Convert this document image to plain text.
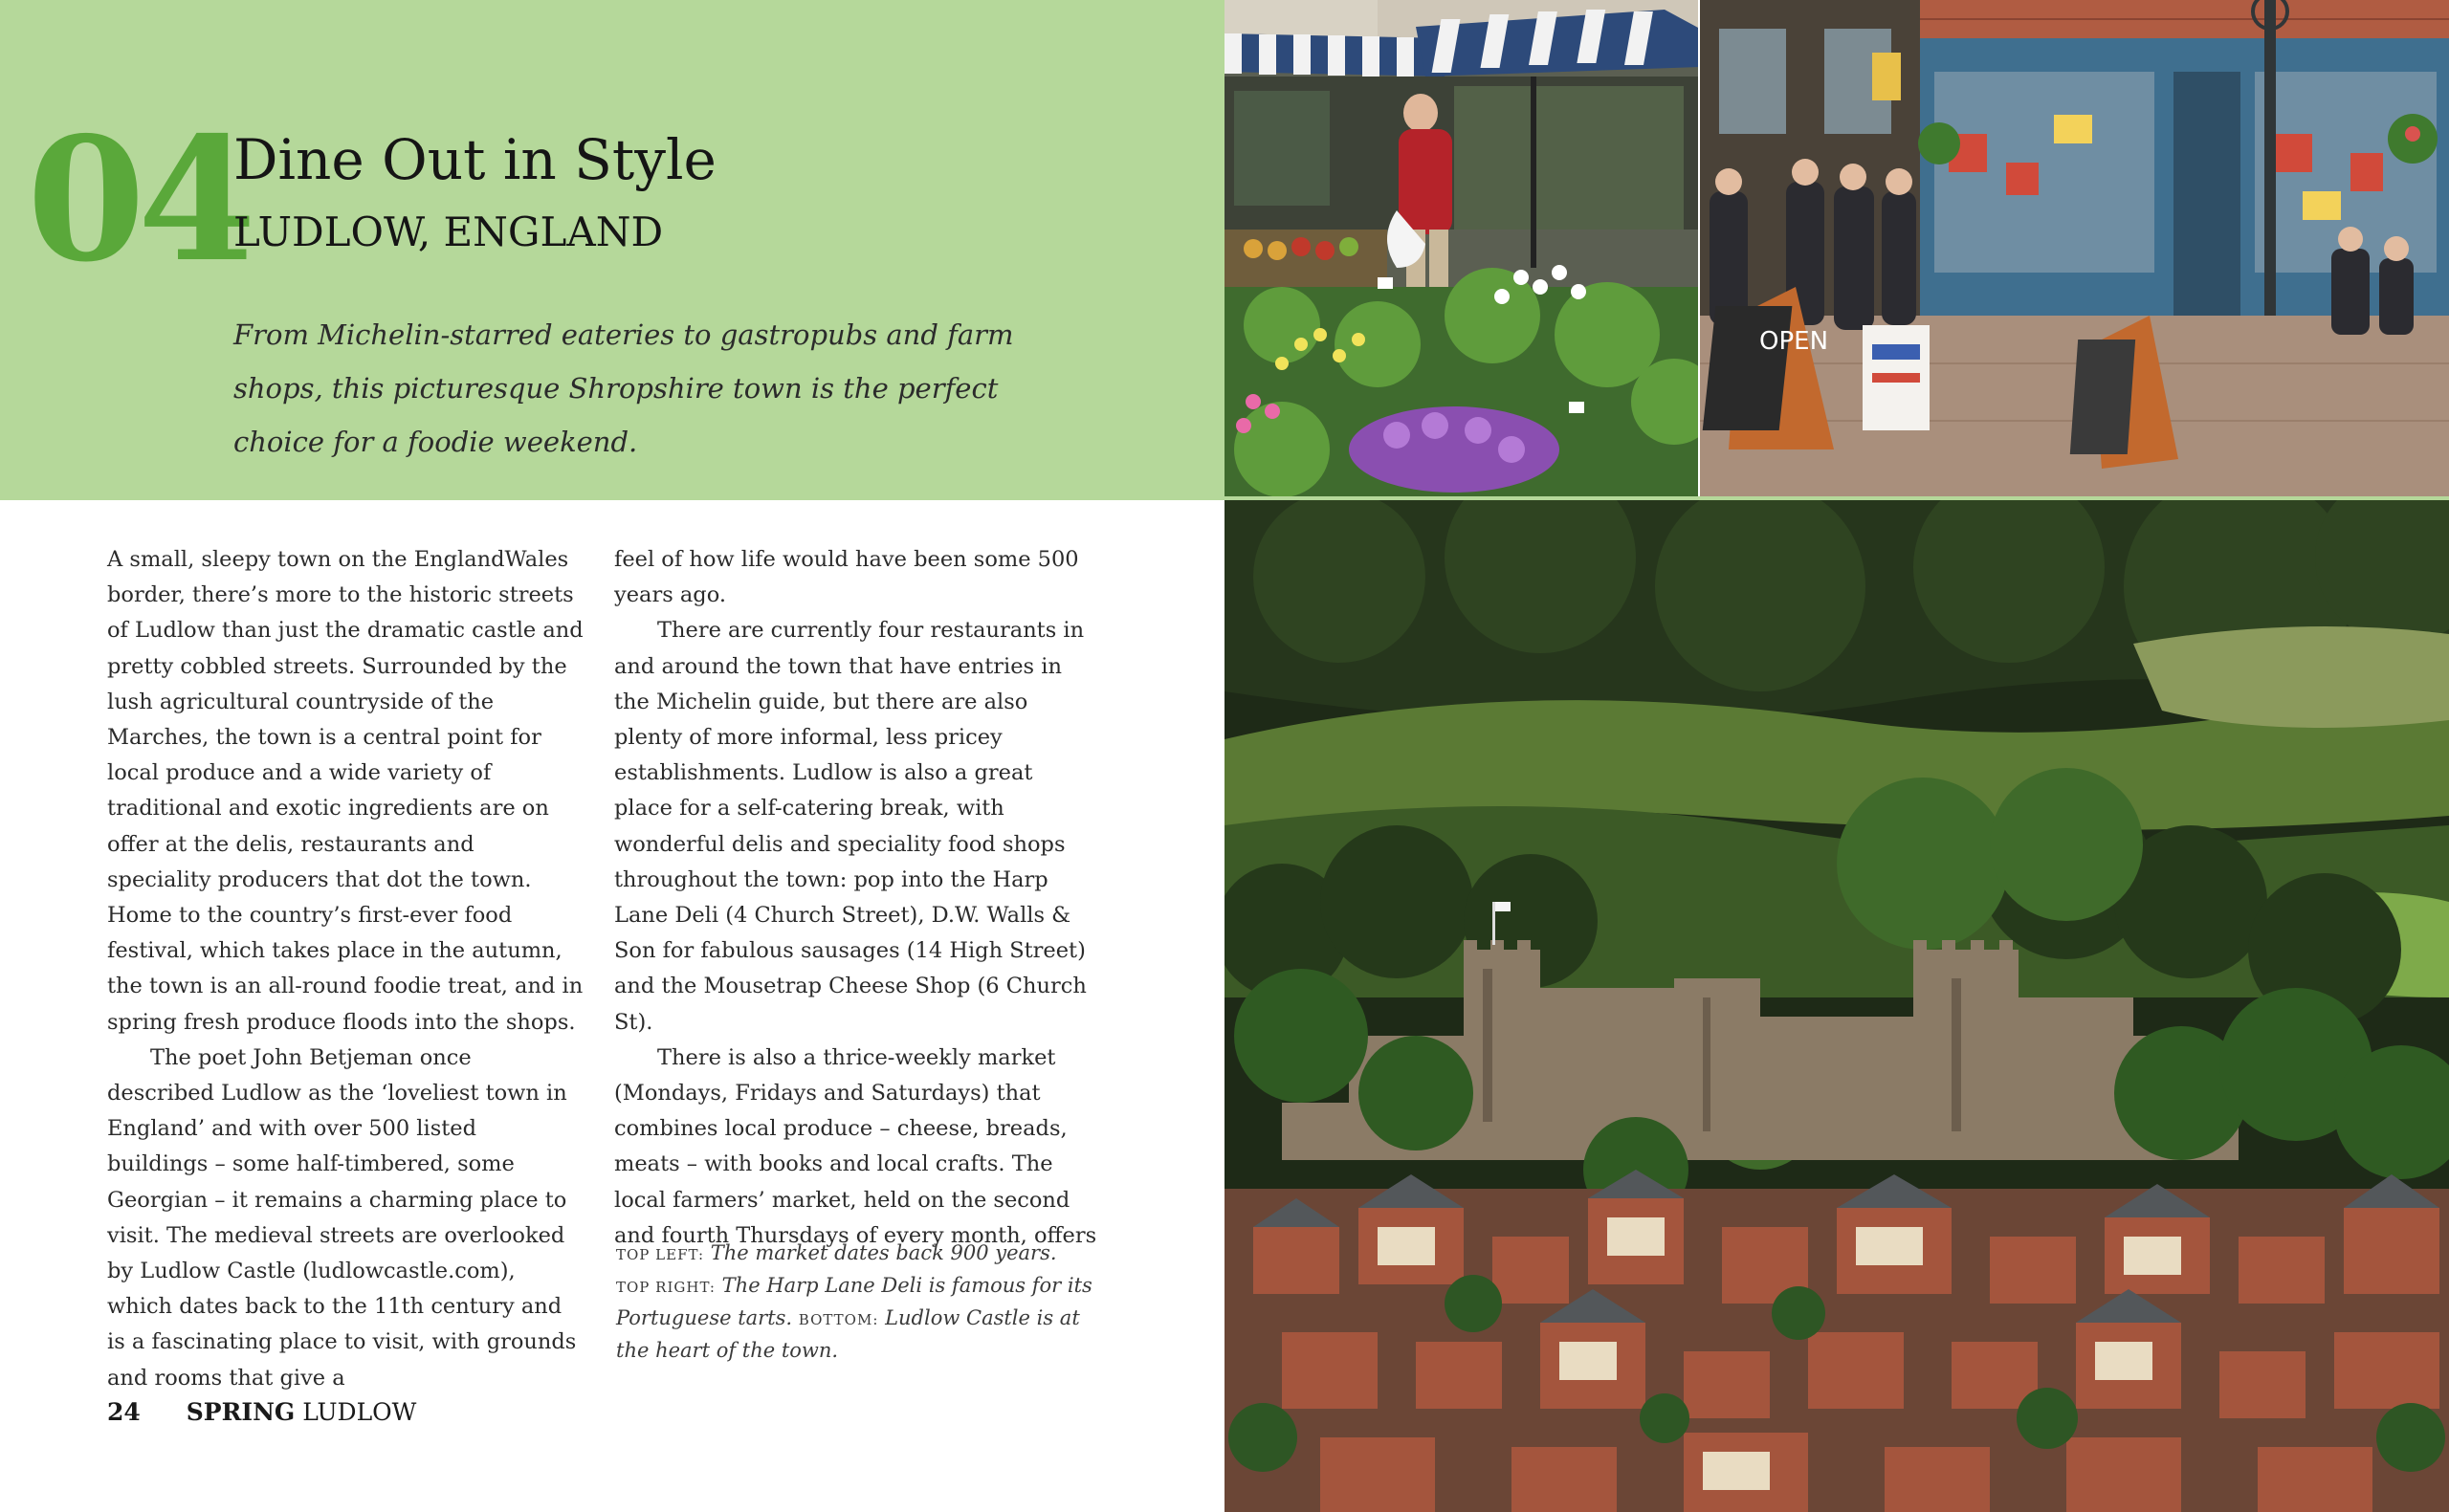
04
Dine Out in Style
LUDLOW, ENGLAND

From Michelin-starred eateries to gastropubs and farm shops, this picturesque Shropshire town is the perfect choice for a foodie weekend.

A small, sleepy town on the EnglandWales border, there’s more to the historic streets of Ludlow than just the dramatic castle and pretty cobbled streets. Surrounded by the lush agricultural countryside of the Marches, the town is a central point for local produce and a wide variety of traditional and exotic ingredients are on offer at the delis, restaurants and speciality producers that dot the town. Home to the country’s first-ever food festival, which takes place in the autumn, the town is an all-round foodie treat, and in spring fresh produce floods into the shops.

The poet John Betjeman once described Ludlow as the ‘loveliest town in England’ and with over 500 listed buildings – some half-timbered, some Georgian – it remains a charming place to visit. The medieval streets are overlooked by Ludlow Castle (ludlowcastle.com), which dates back to the 11th century and is a fascinating place to visit, with grounds and rooms that give a

feel of how life would have been some 500 years ago.

There are currently four restaurants in and around the town that have entries in the Michelin guide, but there are also plenty of more informal, less pricey establishments. Ludlow is also a great place for a self-catering break, with wonderful delis and speciality food shops throughout the town: pop into the Harp Lane Deli (4 Church Street), D.W. Walls & Son for fabulous sausages (14 High Street) and the Mousetrap Cheese Shop (6 Church St).

There is also a thrice-weekly market (Mondays, Fridays and Saturdays) that combines local produce – cheese, breads, meats – with books and local crafts. The local farmers’ market, held on the second and fourth Thursdays of every month, offers

TOP LEFT: The market dates back 900 years. TOP RIGHT: The Harp Lane Deli is famous for its Portuguese tarts. BOTTOM: Ludlow Castle is at the heart of the town.

24 SPRING LUDLOW
OPEN
